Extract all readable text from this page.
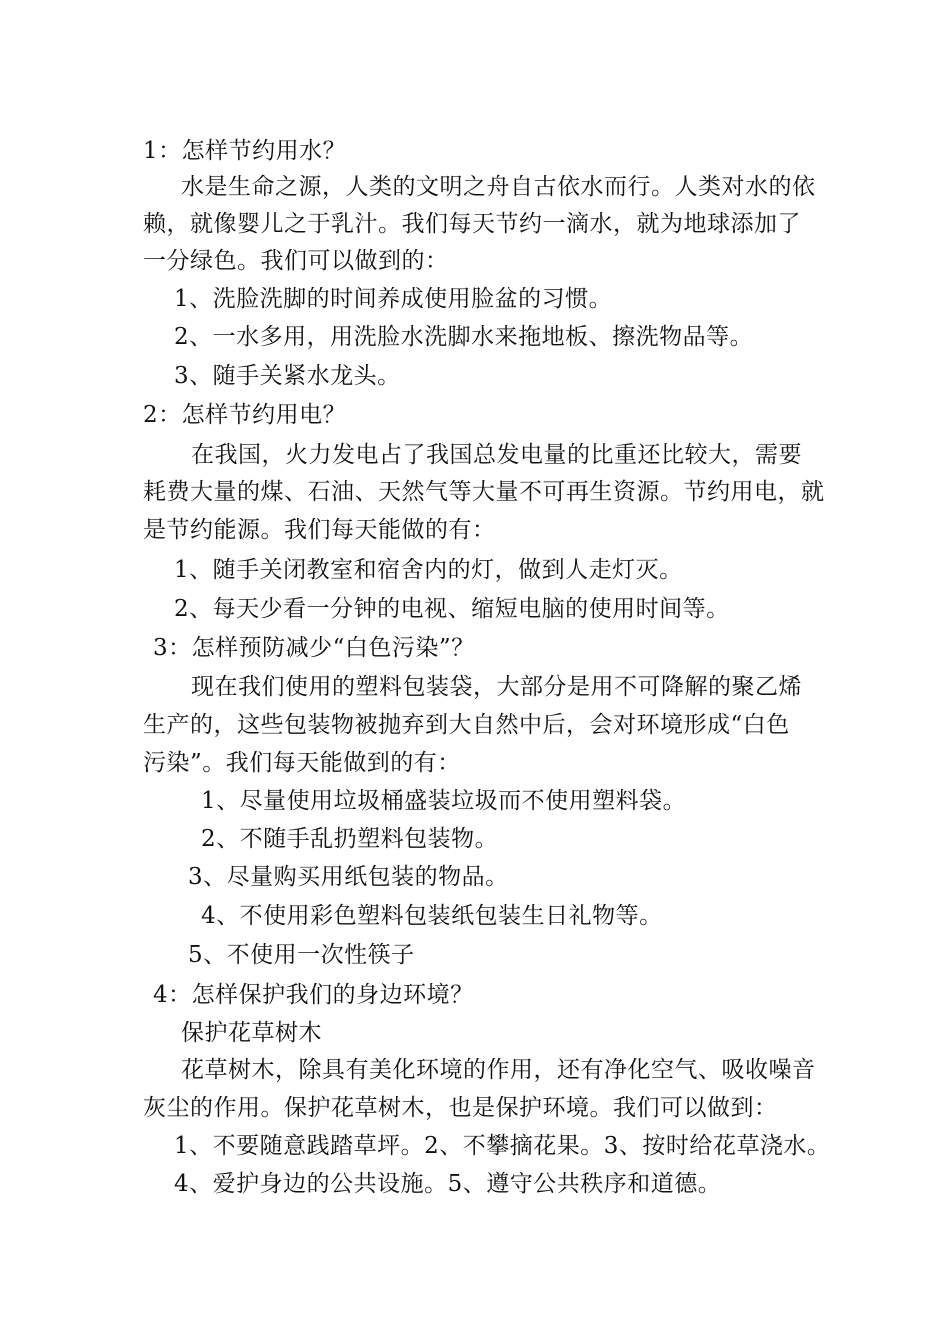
1：怎样节约用水？
水是生命之源，人类的文明之舟自古依水而行。人类对水的依
赖，就像婴儿之于乳汁。我们每天节约一滴水，就为地球添加了
一分绿色。我们可以做到的：
1、洗脸洗脚的时间养成使用脸盆的习惯。
2、一水多用，用洗脸水洗脚水来拖地板、擦洗物品等。
3、随手关紧水龙头。
2：怎样节约用电？
在我国，火力发电占了我国总发电量的比重还比较大，需要
耗费大量的煤、石油、天然气等大量不可再生资源。节约用电，就
是节约能源。我们每天能做的有：
1、随手关闭教室和宿舍内的灯，做到人走灯灭。
2、每天少看一分钟的电视、缩短电脑的使用时间等。
3：怎样预防减少“白色污染”？
现在我们使用的塑料包装袋，大部分是用不可降解的聚乙烯
生产的，这些包装物被抛弃到大自然中后，会对环境形成“白色
污染”。我们每天能做到的有：
1、尽量使用垃圾桶盛装垃圾而不使用塑料袋。
2、不随手乱扔塑料包装物。
3、尽量购买用纸包装的物品。
4、不使用彩色塑料包装纸包装生日礼物等。
5、不使用一次性筷子
4：怎样保护我们的身边环境？
保护花草树木
花草树木，除具有美化环境的作用，还有净化空气、吸收噪音
灰尘的作用。保护花草树木，也是保护环境。我们可以做到：
1、不要随意践踏草坪。2、不攀摘花果。3、按时给花草浇水。
4、爱护身边的公共设施。5、遵守公共秩序和道德。
